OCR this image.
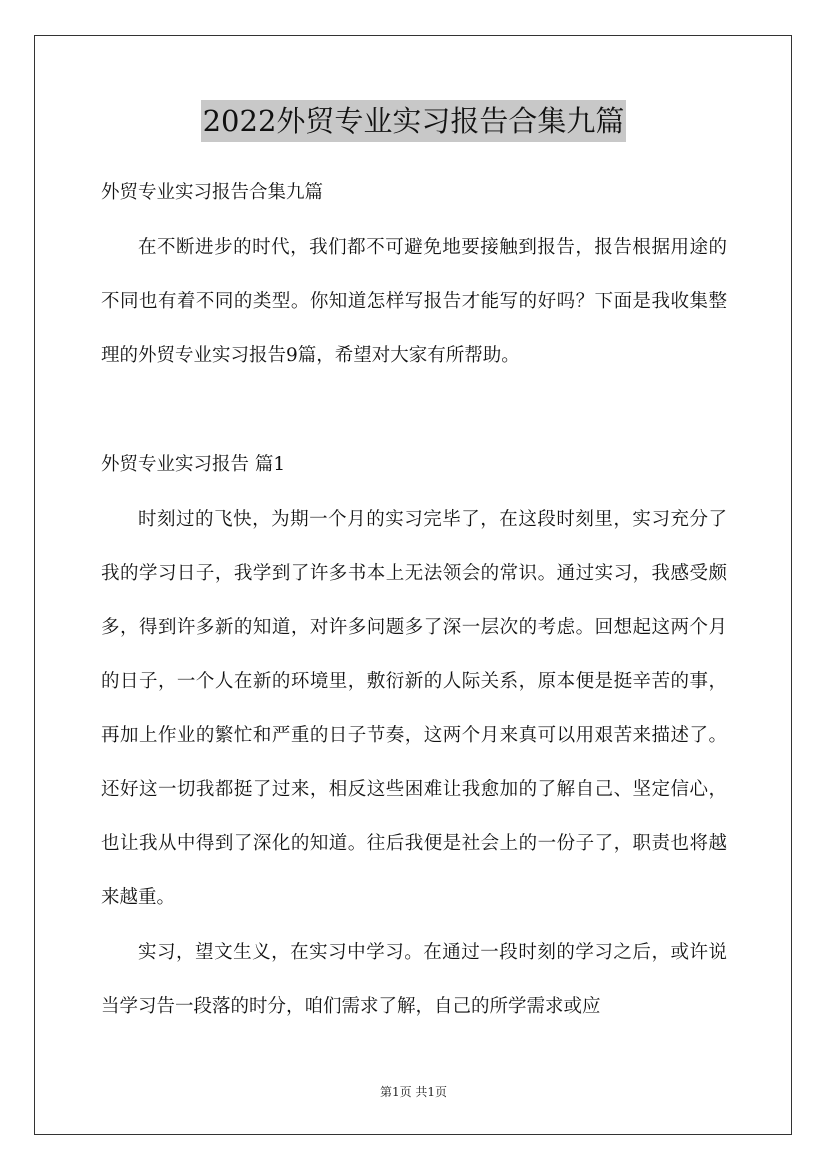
2022外贸专业实习报告合集九篇
外贸专业实习报告合集九篇

在不断进步的时代，我们都不可避免地要接触到报告，报告根据用途的不同也有着不同的类型。你知道怎样写报告才能写的好吗？下面是我收集整理的外贸专业实习报告9篇，希望对大家有所帮助。

外贸专业实习报告 篇1

时刻过的飞快，为期一个月的实习完毕了，在这段时刻里，实习充分了我的学习日子，我学到了许多书本上无法领会的常识。通过实习，我感受颇多，得到许多新的知道，对许多问题多了深一层次的考虑。回想起这两个月的日子，一个人在新的环境里，敷衍新的人际关系，原本便是挺辛苦的事，再加上作业的繁忙和严重的日子节奏，这两个月来真可以用艰苦来描述了。还好这一切我都挺了过来，相反这些困难让我愈加的了解自己、坚定信心，也让我从中得到了深化的知道。往后我便是社会上的一份子了，职责也将越来越重。

实习，望文生义，在实习中学习。在通过一段时刻的学习之后，或许说当学习告一段落的时分，咱们需求了解，自己的所学需求或应

第1页 共1页
